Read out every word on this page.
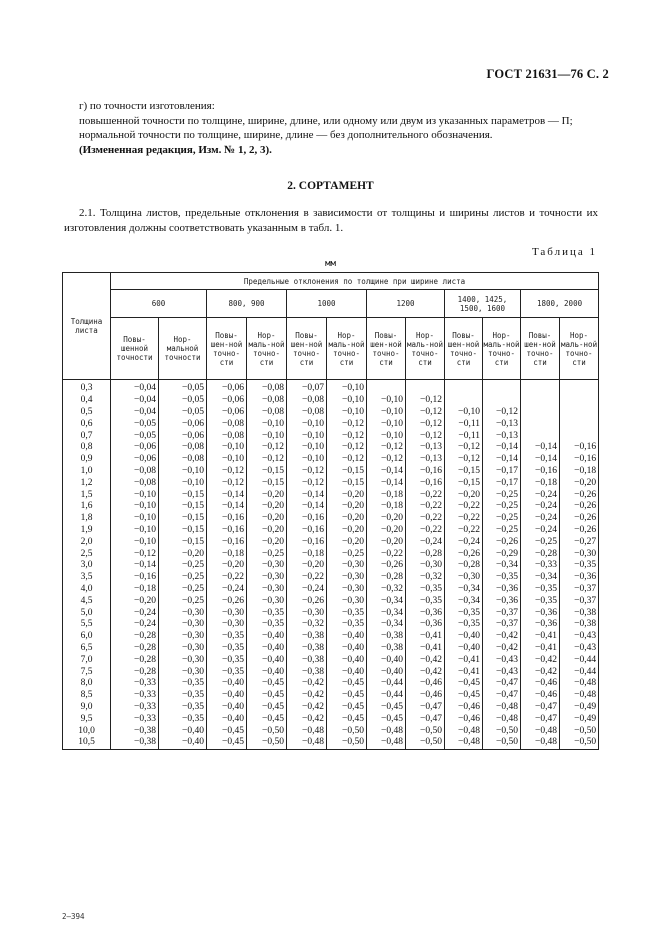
ГОСТ 21631—76 С. 2

г) по точности изготовления:

повышенной точности по толщине, ширине, длине, или одному или двум из указанных параметров — П;

нормальной точности по толщине, ширине, длине — без дополнительного обозначения.

(Измененная редакция, Изм. № 1, 2, 3).

2. СОРТАМЕНТ

2.1. Толщина листов, предельные отклонения в зависимости от толщины и ширины листов и точности их изготовления должны соответствовать указанным в табл. 1.

Таблица 1
мм
Толщина листа	Предельные отклонения по толщине при ширине листа											
	600		800, 900		1000		1200		1400, 1425, 1500, 1600		1800, 2000	
	Повы-шенной точности	Нор-мальной точности	Повы-шен-ной точно-сти	Нор-маль-ной точно-сти	Повы-шен-ной точно-сти	Нор-маль-ной точно-сти	Повы-шен-ной точно-сти	Нор-маль-ной точно-сти	Повы-шен-ной точно-сти	Нор-маль-ной точно-сти	Повы-шен-ной точно-сти	Нор-маль-ной точно-сти
0,3	−0,04	−0,05	−0,06	−0,08	−0,07	−0,10						
0,4	−0,04	−0,05	−0,06	−0,08	−0,08	−0,10	−0,10	−0,12				
0,5	−0,04	−0,05	−0,06	−0,08	−0,08	−0,10	−0,10	−0,12	−0,10	−0,12		
0,6	−0,05	−0,06	−0,08	−0,10	−0,10	−0,12	−0,10	−0,12	−0,11	−0,13		
0,7	−0,05	−0,06	−0,08	−0,10	−0,10	−0,12	−0,10	−0,12	−0,11	−0,13		
0,8	−0,06	−0,08	−0,10	−0,12	−0,10	−0,12	−0,12	−0,13	−0,12	−0,14	−0,14	−0,16
0,9	−0,06	−0,08	−0,10	−0,12	−0,10	−0,12	−0,12	−0,13	−0,12	−0,14	−0,14	−0,16
1,0	−0,08	−0,10	−0,12	−0,15	−0,12	−0,15	−0,14	−0,16	−0,15	−0,17	−0,16	−0,18
1,2	−0,08	−0,10	−0,12	−0,15	−0,12	−0,15	−0,14	−0,16	−0,15	−0,17	−0,18	−0,20
1,5	−0,10	−0,15	−0,14	−0,20	−0,14	−0,20	−0,18	−0,22	−0,20	−0,25	−0,24	−0,26
1,6	−0,10	−0,15	−0,14	−0,20	−0,14	−0,20	−0,18	−0,22	−0,22	−0,25	−0,24	−0,26
1,8	−0,10	−0,15	−0,16	−0,20	−0,16	−0,20	−0,20	−0,22	−0,22	−0,25	−0,24	−0,26
1,9	−0,10	−0,15	−0,16	−0,20	−0,16	−0,20	−0,20	−0,22	−0,22	−0,25	−0,24	−0,26
2,0	−0,10	−0,15	−0,16	−0,20	−0,16	−0,20	−0,20	−0,24	−0,24	−0,26	−0,25	−0,27
2,5	−0,12	−0,20	−0,18	−0,25	−0,18	−0,25	−0,22	−0,28	−0,26	−0,29	−0,28	−0,30
3,0	−0,14	−0,25	−0,20	−0,30	−0,20	−0,30	−0,26	−0,30	−0,28	−0,34	−0,33	−0,35
3,5	−0,16	−0,25	−0,22	−0,30	−0,22	−0,30	−0,28	−0,32	−0,30	−0,35	−0,34	−0,36
4,0	−0,18	−0,25	−0,24	−0,30	−0,24	−0,30	−0,32	−0,35	−0,34	−0,36	−0,35	−0,37
4,5	−0,20	−0,25	−0,26	−0,30	−0,26	−0,30	−0,34	−0,35	−0,34	−0,36	−0,35	−0,37
5,0	−0,24	−0,30	−0,30	−0,35	−0,30	−0,35	−0,34	−0,36	−0,35	−0,37	−0,36	−0,38
5,5	−0,24	−0,30	−0,30	−0,35	−0,32	−0,35	−0,34	−0,36	−0,35	−0,37	−0,36	−0,38
6,0	−0,28	−0,30	−0,35	−0,40	−0,38	−0,40	−0,38	−0,41	−0,40	−0,42	−0,41	−0,43
6,5	−0,28	−0,30	−0,35	−0,40	−0,38	−0,40	−0,38	−0,41	−0,40	−0,42	−0,41	−0,43
7,0	−0,28	−0,30	−0,35	−0,40	−0,38	−0,40	−0,40	−0,42	−0,41	−0,43	−0,42	−0,44
7,5	−0,28	−0,30	−0,35	−0,40	−0,38	−0,40	−0,40	−0,42	−0,41	−0,43	−0,42	−0,44
8,0	−0,33	−0,35	−0,40	−0,45	−0,42	−0,45	−0,44	−0,46	−0,45	−0,47	−0,46	−0,48
8,5	−0,33	−0,35	−0,40	−0,45	−0,42	−0,45	−0,44	−0,46	−0,45	−0,47	−0,46	−0,48
9,0	−0,33	−0,35	−0,40	−0,45	−0,42	−0,45	−0,45	−0,47	−0,46	−0,48	−0,47	−0,49
9,5	−0,33	−0,35	−0,40	−0,45	−0,42	−0,45	−0,45	−0,47	−0,46	−0,48	−0,47	−0,49
10,0	−0,38	−0,40	−0,45	−0,50	−0,48	−0,50	−0,48	−0,50	−0,48	−0,50	−0,48	−0,50
10,5	−0,38	−0,40	−0,45	−0,50	−0,48	−0,50	−0,48	−0,50	−0,48	−0,50	−0,48	−0,50
2—394
